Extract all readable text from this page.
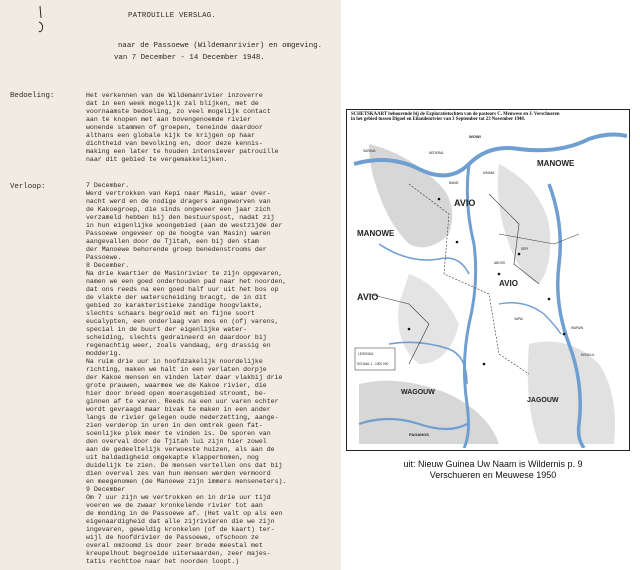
PATROUILLE VERSLAG.
naar de Passoewe (Wildemanrivier) en omgeving.
van 7 December - 14 December 1948.
Bedoeling:	Het verkennen van de Wildemanrivier inzoverre
dat in een week mogelijk zal blijken, met de
voornaamste bedoeling, zo veel mogelijk contact
aan te knopen met aan bovengenoemde rivier
wonende stammen of groepen, teneinde daardoor
althans een globale kijk te krijgen op haar
dichtheid van bevolking en, door deze kennis-
making een later te houden intensiever patrouille
naar dit gebied te vergemakkelijken.
Verloop:	7 December.
Werd vertrokken van Kepi naar Masin, waar over-
nacht werd en de nodige dragers aangeworven van
de Kakoegroep, die sinds ongeveer een jaar zich
verzameld hebben bij den bestuurspost, nadat zij
in hun eigenlijke woongebied (aan de westzijde der
Passoewe ongeveer op de hoogte van Masin) waren
aangevallen door de Tjitah, een bij den stam
der Manoewe behorende groep benedenstrooms der
Passoewe.
8 December.
Na drie kwartier de Masinrivier te zijn opgevaren,
namen we een goed onderhouden pad naar het noorden,
dat ons reeds na een goed half uur uit het bos op
de vlakte der waterscheiding bracgt, de in dit
gebied zo karakteristieke zandige hoogvlakte,
slechts schaars begroeid met en fijne soort
eucalypten, een onderlaag van mos en (of) varens,
special in de buurt der eigenlijke water-
scheiding, slechts gedraineerd en daardoor bij
regenachtig weer, zoals vandaag, erg drassig en
modderig.
Na ruim drie uur in hoofdzakelijk noordelijke
richting, maken we halt in een verlaten dorpje
der Kakoe mensen en vinden later daar vlakbij drie
grote prauwen, waarmee we de Kakoe rivier, die
hier door breed open moerasgebied stroomt, be-
ginnen af te varen. Reeds na een uur varen echter
wordt gevraagd maar bivak te maken in een ander
langs de rivier gelegen oude nederzetting, aange-
zien verderop in uren in den omtrek geen fat-
soenlijke plek meer te vinden is. De sporen van
den overval door de Tjitah lui zijn hier zowel
aan de gedeeltelijk verwoeste huizen, als aan de
uit baldadigheid omgekapte klapperbomen, nog
duidelijk te zien. De mensen vertellen ons dat bij
dien overval zes van hun mensen werden vermoord
en meegenomen (de Manoewe zijn immers menseneters).
9 December
Om 7 uur zijn we vertrokken en in drie uur tijd
voeren we de zwaar kronkelende rivier tot aan
de monding in de Passoewe af. (Het valt op als een
eigenaardigheid dat alle zijrivieren die we zijn
ingevaren, geweldig kronkelen (of de kaart) ter-
wijl de hoofdrivier de Passoewe, ofschoon ze
overal omzoomd is door zeer brede meestal met
kreupelhout begroeide uiterwaarden, zeer majes-
tatis rechttoe naar het noorden loopt.)
SCHETSKAART behoorende bij de Exploratietochten van de pastoors C. Meuwese en J. Verschueren
in het gebied tussen Digoel en Eilandenrivier van 3 September tot 23 November 1948.
MANOWE
MANOWE
AVIO
AVIO
AVIO
WAGOUW
JAGOUW
WOWI
PAGANOS
SARAVA	NEDERAL
BIANE
KIMAMI
ABOSS
SEPI
VAPAI
WAPAIN
MITAKUL
LEGENDA
SCHAAL 1 : 1000 000
uit: Nieuw Guinea Uw Naam is Wildernis p. 9
Verschueren en Meuwese 1950
